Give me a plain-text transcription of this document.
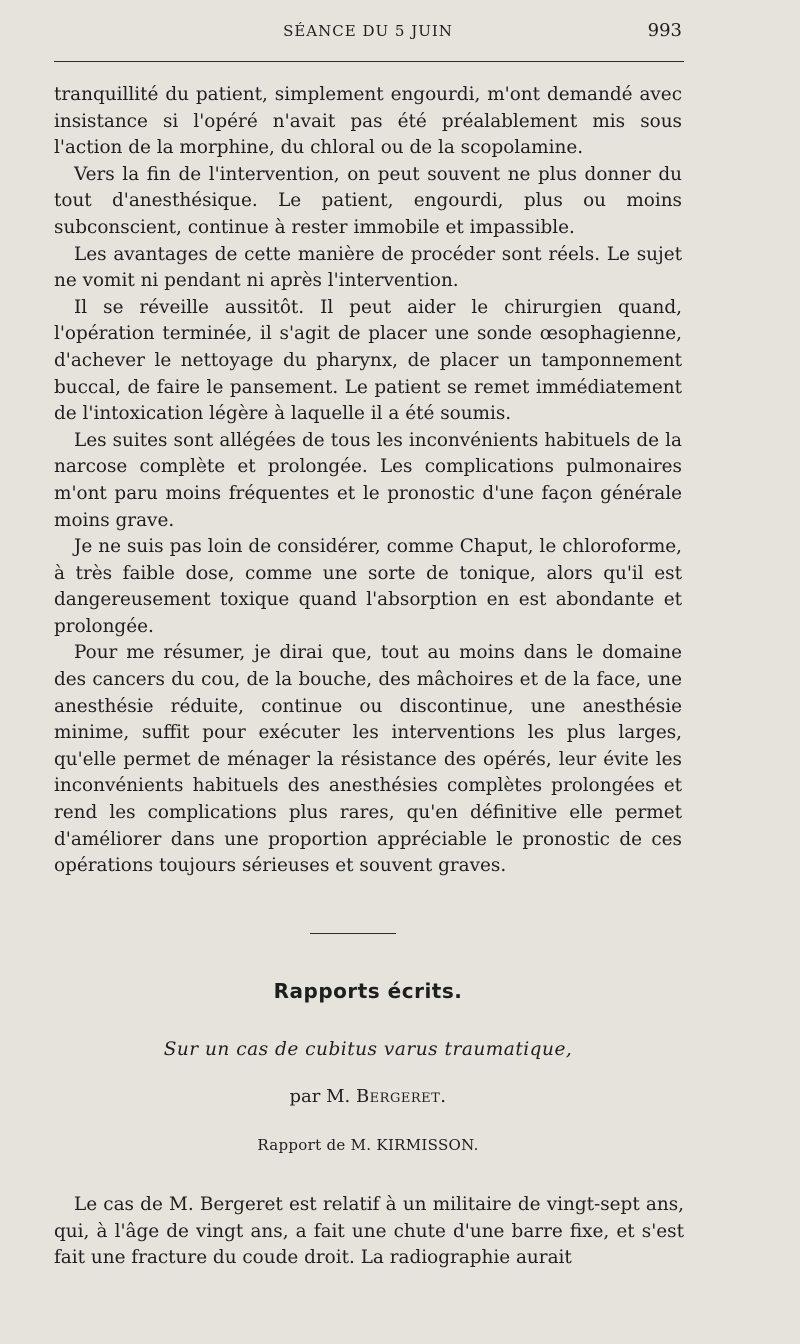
SÉANCE DU 5 JUIN	993

tranquillité du patient, simplement engourdi, m'ont demandé avec insistance si l'opéré n'avait pas été préalablement mis sous l'action de la morphine, du chloral ou de la scopolamine.

Vers la fin de l'intervention, on peut souvent ne plus donner du tout d'anesthésique. Le patient, engourdi, plus ou moins subconscient, continue à rester immobile et impassible.

Les avantages de cette manière de procéder sont réels. Le sujet ne vomit ni pendant ni après l'intervention.

Il se réveille aussitôt. Il peut aider le chirurgien quand, l'opération terminée, il s'agit de placer une sonde œsophagienne, d'achever le nettoyage du pharynx, de placer un tamponnement buccal, de faire le pansement. Le patient se remet immédiatement de l'intoxication légère à laquelle il a été soumis.

Les suites sont allégées de tous les inconvénients habituels de la narcose complète et prolongée. Les complications pulmonaires m'ont paru moins fréquentes et le pronostic d'une façon générale moins grave.

Je ne suis pas loin de considérer, comme Chaput, le chloroforme, à très faible dose, comme une sorte de tonique, alors qu'il est dangereusement toxique quand l'absorption en est abondante et prolongée.

Pour me résumer, je dirai que, tout au moins dans le domaine des cancers du cou, de la bouche, des mâchoires et de la face, une anesthésie réduite, continue ou discontinue, une anesthésie minime, suffit pour exécuter les interventions les plus larges, qu'elle permet de ménager la résistance des opérés, leur évite les inconvénients habituels des anesthésies complètes prolongées et rend les complications plus rares, qu'en définitive elle permet d'améliorer dans une proportion appréciable le pronostic de ces opérations toujours sérieuses et souvent graves.

Rapports écrits.
Sur un cas de cubitus varus traumatique,
par M. Bergeret.
Rapport de M. KIRMISSON.

Le cas de M. Bergeret est relatif à un militaire de vingt-sept ans, qui, à l'âge de vingt ans, a fait une chute d'une barre fixe, et s'est fait une fracture du coude droit. La radiographie aurait
